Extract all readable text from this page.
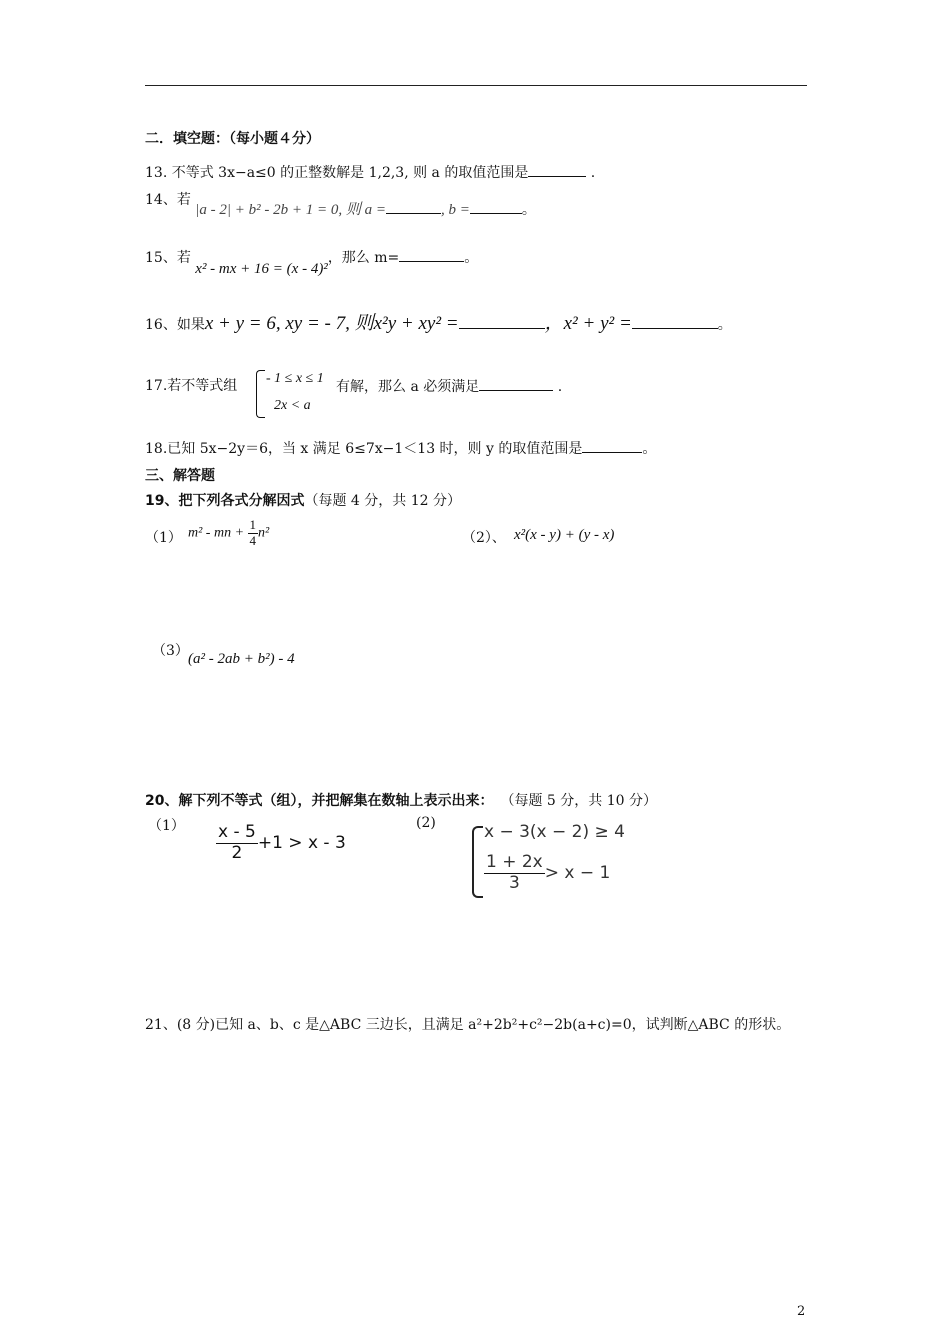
二．填空题：（每小题４分）
13. 不等式 3x−a≤0 的正整数解是 1,2,3, 则 a 的取值范围是	.
14、若 |a - 2| + b² - 2b + 1 = 0, 则 a =	, b =	。
15、若 x² - mx + 16 = (x - 4)²，那么 m=	。
16、如果x + y = 6, xy = - 7, 则x²y + xy² =	，x² + y² =	。
17.若不等式组 - 1 ≤ x ≤ 1
2x < a
有解，那么 a 必须满足	.
18.已知 5x−2y＝6，当 x 满足 6≤7x−1＜13 时，则 y 的取值范围是	。
三、解答题
19、把下列各式分解因式（每题 4 分，共 12 分）
（1） m² - mn + $\frac{1}{4} n^2$	（2）、 x²(x - y) + (y - x)
（3） (a² - 2ab + b²) - 4
20、解下列不等式（组），并把解集在数轴上表示出来： （每题 5 分，共 10 分）
$(1) \frac{x - 5}{2} +1 > x - 3$
(2)	x − 3(x − 2) ≥ 4
$\frac{1 + 2x}{3} > x - 1$
21、(8 分)已知 a、b、c 是△ABC 三边长，且满足 a²+2b²+c²−2b(a+c)=0，试判断△ABC 的形状。
2
